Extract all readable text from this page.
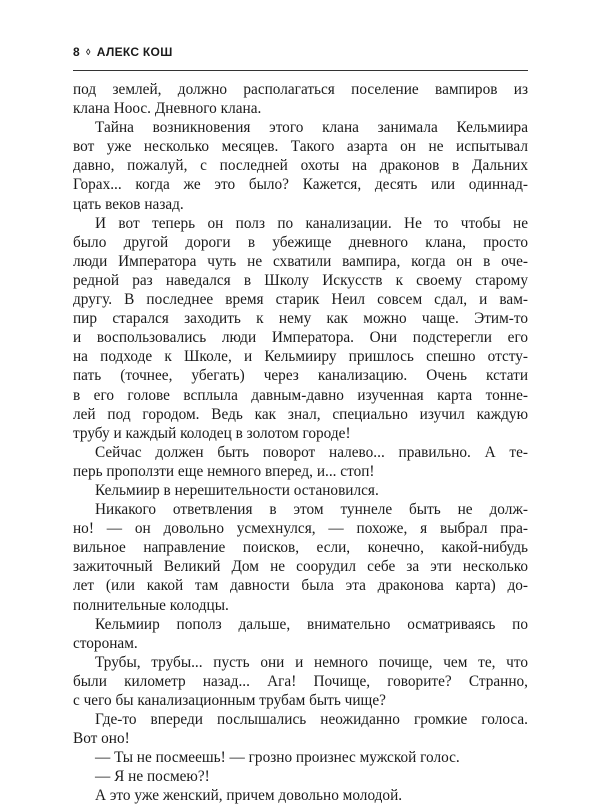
8 ◊ АЛЕКС КОШ
под землей, должно располагаться поселение вампиров из
клана Ноос. Дневного клана.
Тайна возникновения этого клана занимала Кельмиира
вот уже несколько месяцев. Такого азарта он не испытывал
давно, пожалуй, с последней охоты на драконов в Дальних
Горах... когда же это было? Кажется, десять или одиннад-
цать веков назад.
И вот теперь он полз по канализации. Не то чтобы не
было другой дороги в убежище дневного клана, просто
люди Императора чуть не схватили вампира, когда он в оче-
редной раз наведался в Школу Искусств к своему старому
другу. В последнее время старик Неил совсем сдал, и вам-
пир старался заходить к нему как можно чаще. Этим-то
и воспользовались люди Императора. Они подстерегли его
на подходе к Школе, и Кельмииру пришлось спешно отсту-
пать (точнее, убегать) через канализацию. Очень кстати
в его голове всплыла давным-давно изученная карта тонне-
лей под городом. Ведь как знал, специально изучил каждую
трубу и каждый колодец в золотом городе!
Сейчас должен быть поворот налево... правильно. А те-
перь проползти еще немного вперед, и... стоп!
Кельмиир в нерешительности остановился.
Никакого ответвления в этом туннеле быть не долж-
но! — он довольно усмехнулся, — похоже, я выбрал пра-
вильное направление поисков, если, конечно, какой-нибудь
зажиточный Великий Дом не соорудил себе за эти несколько
лет (или какой там давности была эта драконова карта) до-
полнительные колодцы.
Кельмиир пополз дальше, внимательно осматриваясь по
сторонам.
Трубы, трубы... пусть они и немного почище, чем те, что
были километр назад... Ага! Почище, говорите? Странно,
с чего бы канализационным трубам быть чище?
Где-то впереди послышались неожиданно громкие голоса.
Вот оно!
— Ты не посмеешь! — грозно произнес мужской голос.
— Я не посмею?!
А это уже женский, причем довольно молодой.
